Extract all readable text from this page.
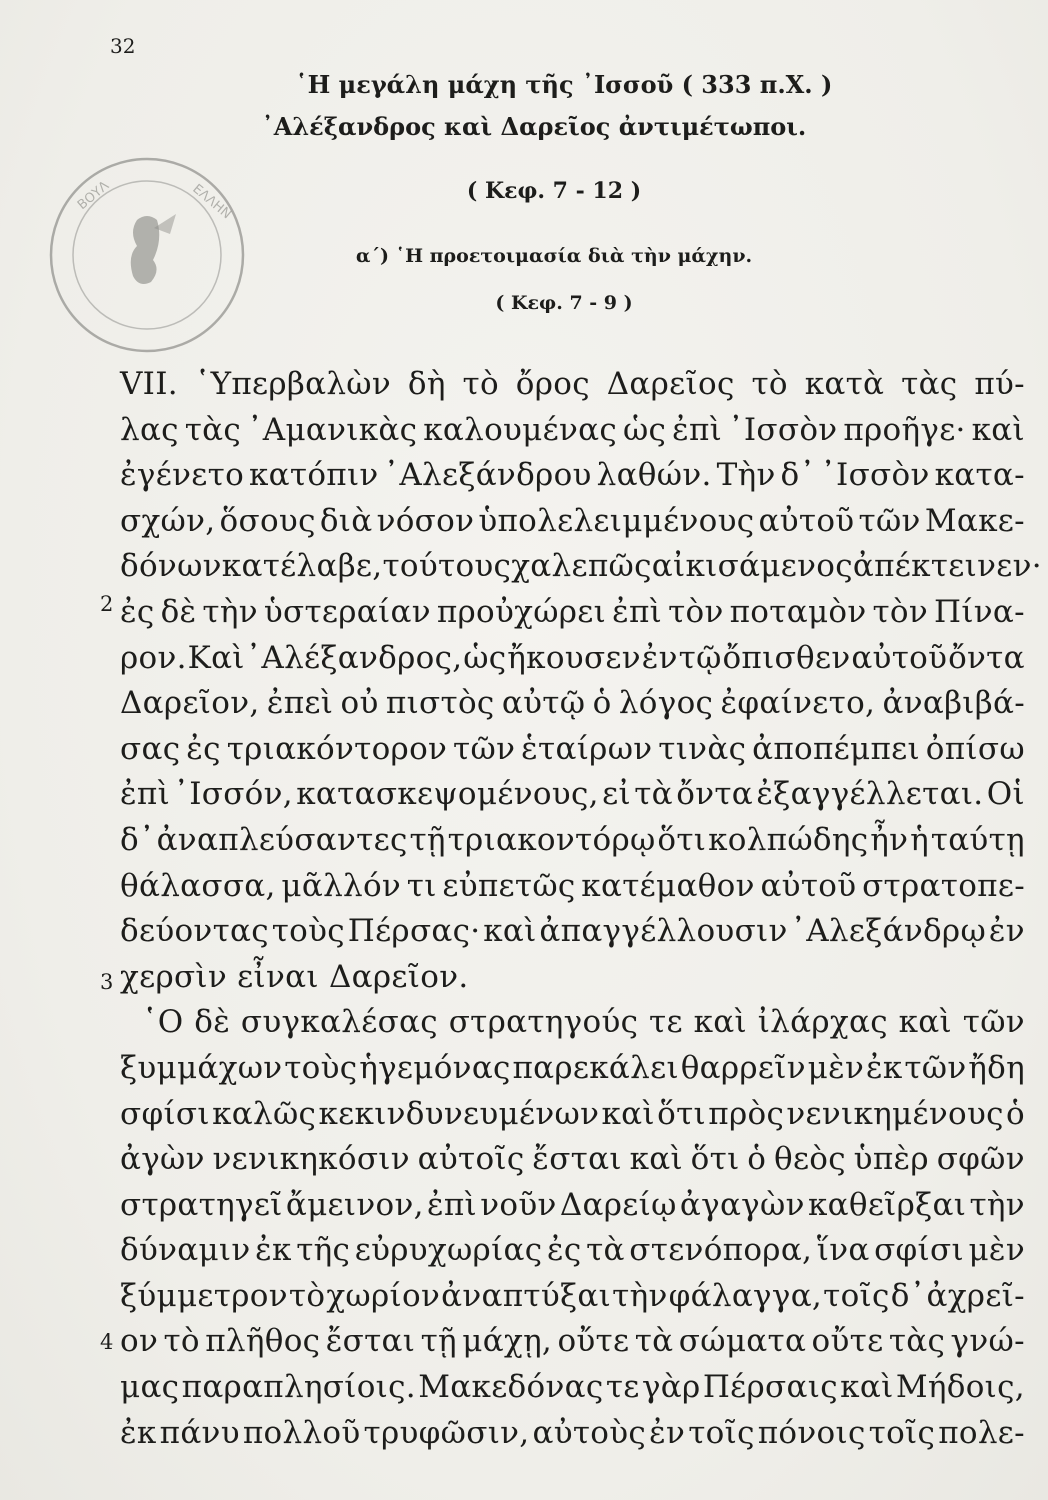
32
ΒΟΥΛ	ΕΛΛΗΝ
῾Η μεγάλη μάχη τῆς ᾿Ισσοῦ ( 333 π.Χ. )
᾿Αλέξανδρος καὶ Δαρεῖος ἀντιμέτωποι.
( Κεφ. 7 - 12 )
α΄) ῾Η προετοιμασία διὰ τὴν μάχην.
( Κεφ. 7 - 9 )
2
3
4
VII. ῾Υπερβαλὼν δὴ τὸ ὄρος Δαρεῖος τὸ κατὰ τὰς πύ-
λας τὰς ᾿Αμανικὰς καλουμένας ὡς ἐπὶ ᾿Ισσὸν προῆγε· καὶ
ἐγένετο κατόπιν ᾿Αλεξάνδρου λαθών. Τὴν δ᾿ ᾿Ισσὸν κατα-
σχών, ὅσους διὰ νόσον ὑπολελειμμένους αὐτοῦ τῶν Μακε-
δόνων κατέλαβε, τούτους χαλεπῶς αἰκισάμενος ἀπέκτεινεν·
ἐς δὲ τὴν ὑστεραίαν προὐχώρει ἐπὶ τὸν ποταμὸν τὸν Πίνα-
ρον. Καὶ ᾿Αλέξανδρος, ὡς ἤκουσεν ἐν τῷ ὄπισθεν αὐτοῦ ὄντα
Δαρεῖον, ἐπεὶ οὐ πιστὸς αὐτῷ ὁ λόγος ἐφαίνετο, ἀναβιβά-
σας ἐς τριακόντορον τῶν ἑταίρων τινὰς ἀποπέμπει ὀπίσω
ἐπὶ ᾿Ισσόν, κατασκεψομένους, εἰ τὰ ὄντα ἐξαγγέλλεται. Οἱ
δ᾿ ἀναπλεύσαντες τῇ τριακοντόρῳ ὅτι κολπώδης ἦν ἡ ταύτῃ
θάλασσα, μᾶλλόν τι εὐπετῶς κατέμαθον αὐτοῦ στρατοπε-
δεύοντας τοὺς Πέρσας· καὶ ἀπαγγέλλουσιν ᾿Αλεξάνδρῳ ἐν
χερσὶν εἶναι Δαρεῖον.
῾Ο δὲ συγκαλέσας στρατηγούς τε καὶ ἰλάρχας καὶ τῶν
ξυμμάχων τοὺς ἡγεμόνας παρεκάλει θαρρεῖν μὲν ἐκ τῶν ἤδη
σφίσι καλῶς κεκινδυνευμένων καὶ ὅτι πρὸς νενικημένους ὁ
ἀγὼν νενικηκόσιν αὐτοῖς ἔσται καὶ ὅτι ὁ θεὸς ὑπὲρ σφῶν
στρατηγεῖ ἄμεινον, ἐπὶ νοῦν Δαρείῳ ἀγαγὼν καθεῖρξαι τὴν
δύναμιν ἐκ τῆς εὐρυχωρίας ἐς τὰ στενόπορα, ἵνα σφίσι μὲν
ξύμμετρον τὸ χωρίον ἀναπτύξαι τὴν φάλαγγα, τοῖς δ᾿ ἀχρεῖ-
ον τὸ πλῆθος ἔσται τῇ μάχῃ, οὔτε τὰ σώματα οὔτε τὰς γνώ-
μας παραπλησίοις. Μακεδόνας τε γὰρ Πέρσαις καὶ Μήδοις,
ἐκ πάνυ πολλοῦ τρυφῶσιν, αὐτοὺς ἐν τοῖς πόνοις τοῖς πολε-
